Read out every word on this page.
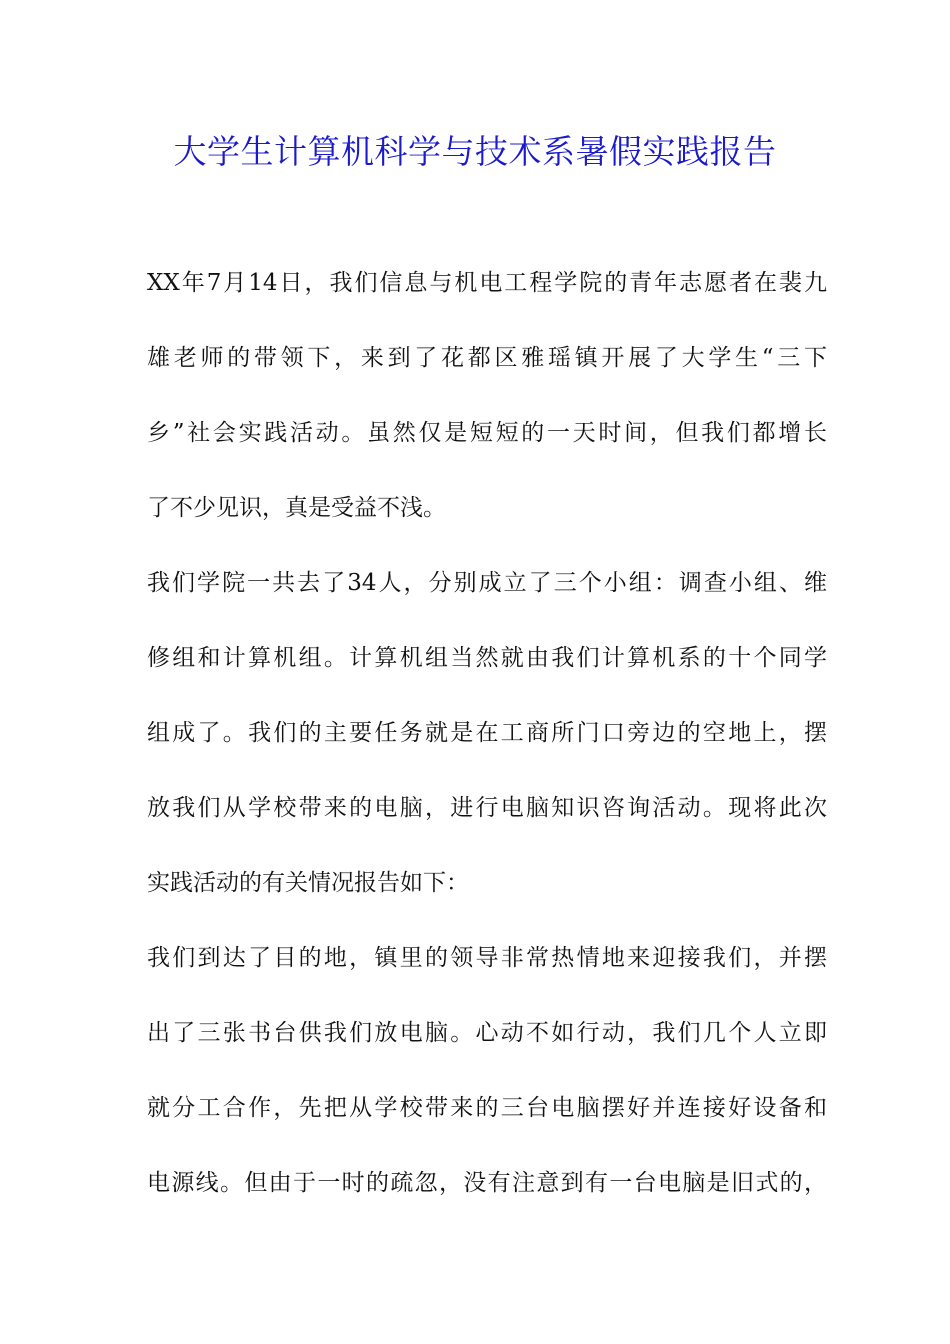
大学生计算机科学与技术系暑假实践报告
XX年7月14日，我们信息与机电工程学院的青年志愿者在裴九
雄老师的带领下，来到了花都区雅瑶镇开展了大学生“三下
乡”社会实践活动。虽然仅是短短的一天时间，但我们都增长
了不少见识，真是受益不浅。
我们学院一共去了34人，分别成立了三个小组：调查小组、维
修组和计算机组。计算机组当然就由我们计算机系的十个同学
组成了。我们的主要任务就是在工商所门口旁边的空地上，摆
放我们从学校带来的电脑，进行电脑知识咨询活动。现将此次
实践活动的有关情况报告如下：
我们到达了目的地，镇里的领导非常热情地来迎接我们，并摆
出了三张书台供我们放电脑。心动不如行动，我们几个人立即
就分工合作，先把从学校带来的三台电脑摆好并连接好设备和
电源线。但由于一时的疏忽，没有注意到有一台电脑是旧式的，
